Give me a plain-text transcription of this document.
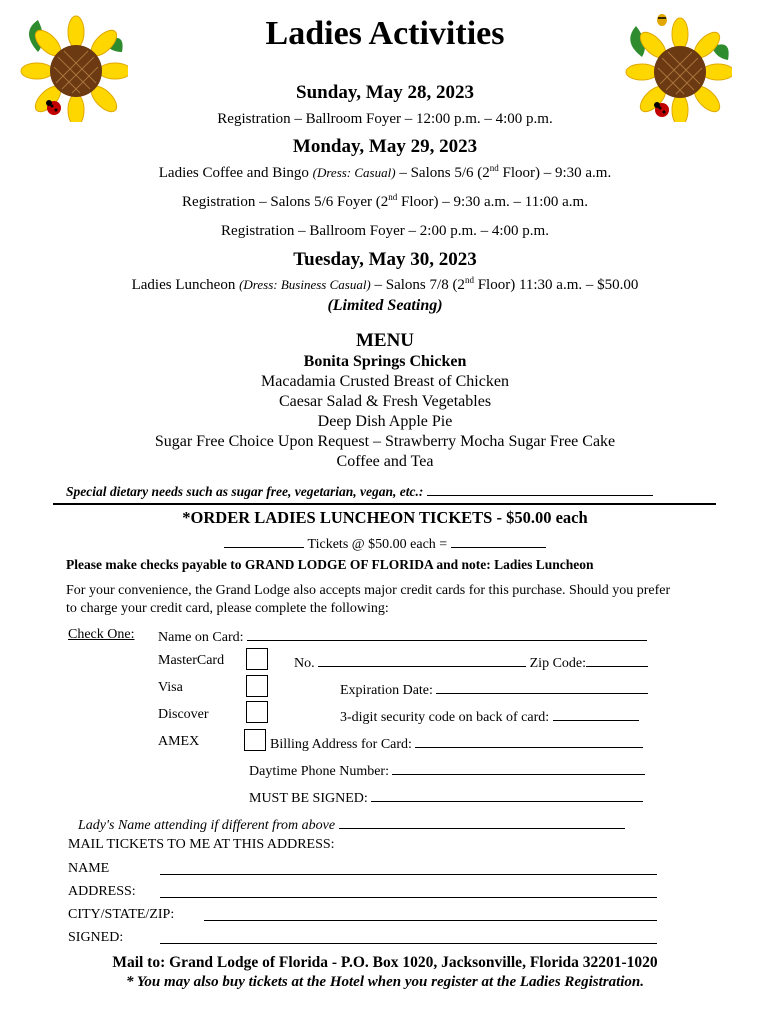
Ladies Activities
Sunday, May 28, 2023
Registration – Ballroom Foyer – 12:00 p.m. – 4:00 p.m.
Monday, May 29, 2023
Ladies Coffee and Bingo (Dress: Casual) – Salons 5/6 (2nd Floor) – 9:30 a.m.
Registration – Salons 5/6 Foyer (2nd Floor) – 9:30 a.m. – 11:00 a.m.
Registration – Ballroom Foyer – 2:00 p.m. – 4:00 p.m.
Tuesday, May 30, 2023
Ladies Luncheon (Dress: Business Casual) – Salons 7/8 (2nd Floor) 11:30 a.m. – $50.00
(Limited Seating)
MENU
Bonita Springs Chicken
Macadamia Crusted Breast of Chicken
Caesar Salad & Fresh Vegetables
Deep Dish Apple Pie
Sugar Free Choice Upon Request – Strawberry Mocha Sugar Free Cake
Coffee and Tea
Special dietary needs such as sugar free, vegetarian, vegan, etc.:
*ORDER LADIES LUNCHEON TICKETS - $50.00 each
Tickets @ $50.00 each =
Please make checks payable to GRAND LODGE OF FLORIDA and note: Ladies Luncheon
For your convenience, the Grand Lodge also accepts major credit cards for this purchase. Should you prefer
to charge your credit card, please complete the following:
Check One: Name on Card:
MasterCard	No.	Zip Code:
Visa	Expiration Date:
Discover	3-digit security code on back of card:
AMEX	Billing Address for Card:
Daytime Phone Number:
MUST BE SIGNED:
Lady's Name attending if different from above
MAIL TICKETS TO ME AT THIS ADDRESS:
NAME
ADDRESS:
CITY/STATE/ZIP:
SIGNED:
Mail to: Grand Lodge of Florida - P.O. Box 1020, Jacksonville, Florida 32201-1020
* You may also buy tickets at the Hotel when you register at the Ladies Registration.
